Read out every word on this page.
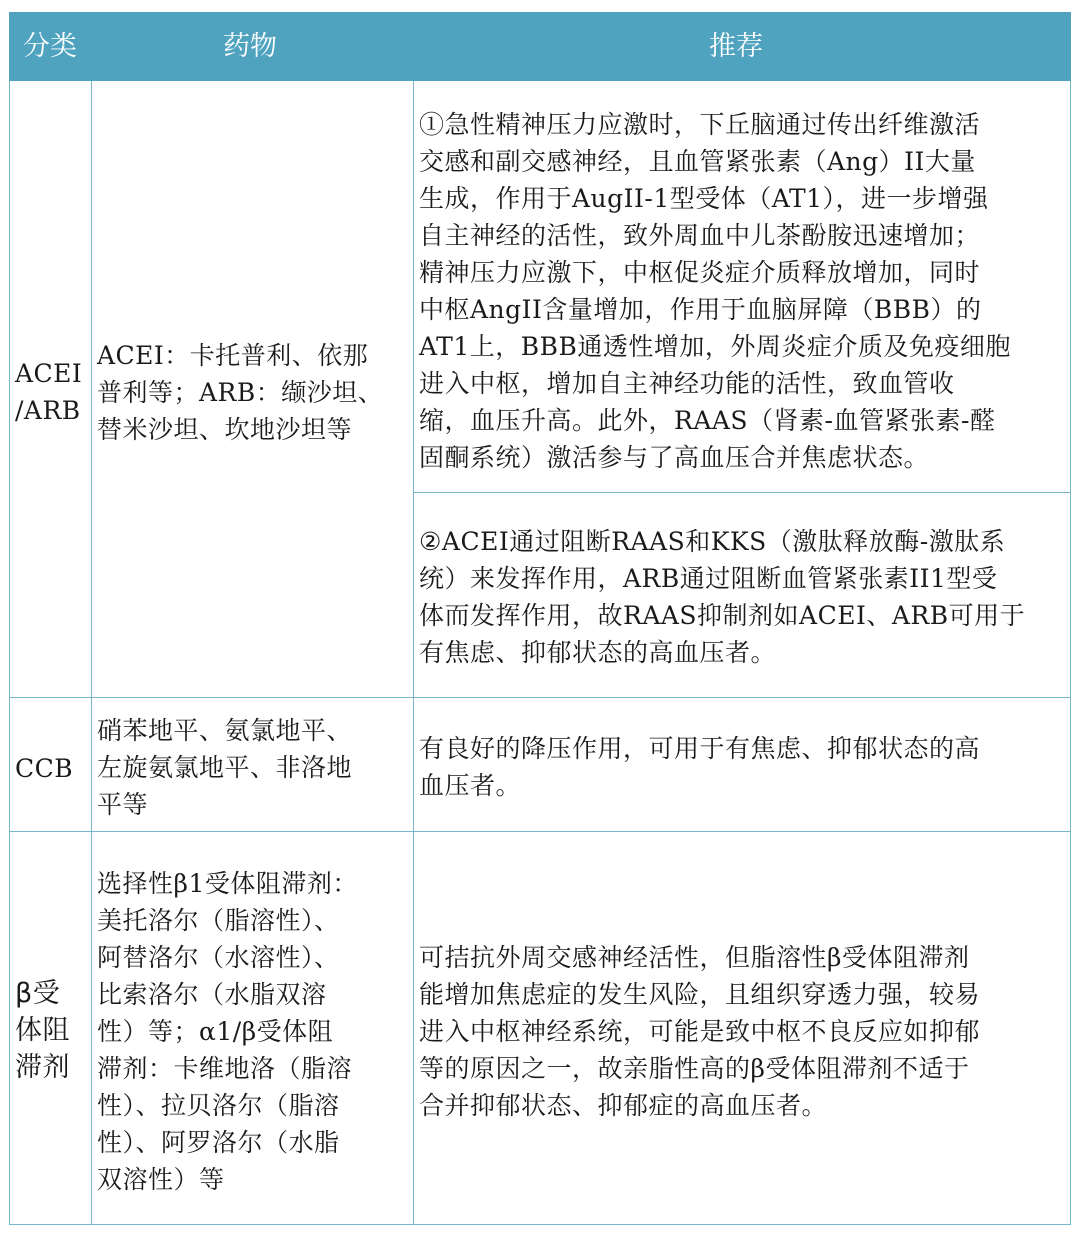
分类	药物	推荐
ACEI
/ARB
ACEI：卡托普利、依那
普利等；ARB：缬沙坦、
替米沙坦、坎地沙坦等
①急性精神压力应激时，下丘脑通过传出纤维激活
交感和副交感神经，且血管紧张素（Ang）II大量
生成，作用于AugII-1型受体（AT1），进一步增强
自主神经的活性，致外周血中儿茶酚胺迅速增加；
精神压力应激下，中枢促炎症介质释放增加，同时
中枢AngII含量增加，作用于血脑屏障（BBB）的
AT1上，BBB通透性增加，外周炎症介质及免疫细胞
进入中枢，增加自主神经功能的活性，致血管收
缩，血压升高。此外，RAAS（肾素-血管紧张素-醛
固酮系统）激活参与了高血压合并焦虑状态。
②ACEI通过阻断RAAS和KKS（激肽释放酶-激肽系
统）来发挥作用，ARB通过阻断血管紧张素II1型受
体而发挥作用，故RAAS抑制剂如ACEI、ARB可用于
有焦虑、抑郁状态的高血压者。
CCB
硝苯地平、氨氯地平、
左旋氨氯地平、非洛地
平等
有良好的降压作用，可用于有焦虑、抑郁状态的高
血压者。
β受
体阻
滞剂
选择性β1受体阻滞剂：
美托洛尔（脂溶性）、
阿替洛尔（水溶性）、
比索洛尔（水脂双溶
性）等；α1/β受体阻
滞剂：卡维地洛（脂溶
性）、拉贝洛尔（脂溶
性）、阿罗洛尔（水脂
双溶性）等
可拮抗外周交感神经活性，但脂溶性β受体阻滞剂
能增加焦虑症的发生风险，且组织穿透力强，较易
进入中枢神经系统，可能是致中枢不良反应如抑郁
等的原因之一，故亲脂性高的β受体阻滞剂不适于
合并抑郁状态、抑郁症的高血压者。
